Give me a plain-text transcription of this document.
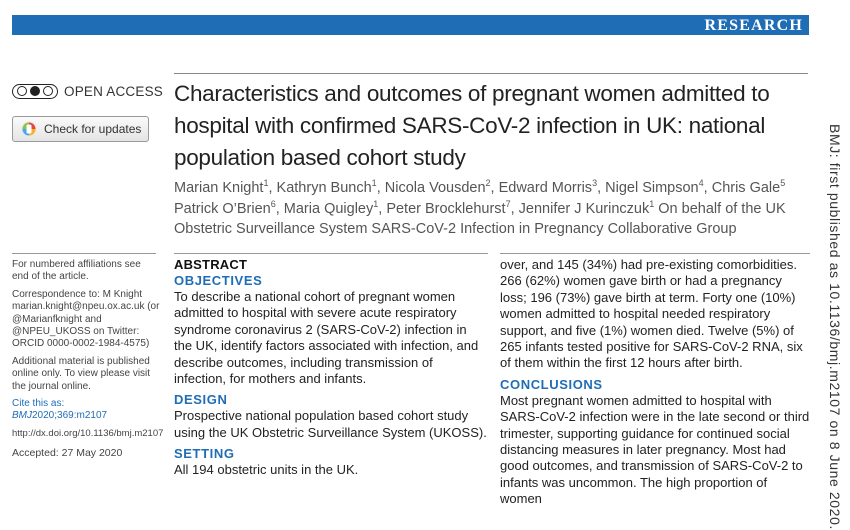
RESEARCH
OPEN ACCESS
Check for updates
Characteristics and outcomes of pregnant women admitted to hospital with confirmed SARS-CoV-2 infection in UK: national population based cohort study
Marian Knight$^1$, Kathryn Bunch$^1$, Nicola Vousden$^2$, Edward Morris$^3$, Nigel Simpson$^4$, Chris Gale$^5$ Patrick O’Brien$^6$, Maria Quigley$^1$, Peter Brocklehurst$^7$, Jennifer J Kurinczuk$^1$ On behalf of the UK Obstetric Surveillance System SARS-CoV-2 Infection in Pregnancy Collaborative Group	BMJ: first published as 10.1136/bmj.m2107 on 8 June 2020.

For numbered affiliations see end of the article.

Correspondence to: M Knight marian.knight@npeu.ox.ac.uk (or @Marianfknight and @NPEU_UKOSS on Twitter: ORCID 0000-0002-1984-4575)

Additional material is published online only. To view please visit the journal online.

Cite this as: BMJ2020;369:m2107

http://dx.doi.org/10.1136/bmj.m2107

Accepted: 27 May 2020

ABSTRACT

OBJECTIVES

To describe a national cohort of pregnant women admitted to hospital with severe acute respiratory syndrome coronavirus 2 (SARS-CoV-2) infection in the UK, identify factors associated with infection, and describe outcomes, including transmission of infection, for mothers and infants.

DESIGN

Prospective national population based cohort study using the UK Obstetric Surveillance System (UKOSS).

SETTING

All 194 obstetric units in the UK.

over, and 145 (34%) had pre-existing comorbidities. 266 (62%) women gave birth or had a pregnancy loss; 196 (73%) gave birth at term. Forty one (10%) women admitted to hospital needed respiratory support, and five (1%) women died. Twelve (5%) of 265 infants tested positive for SARS-CoV-2 RNA, six of them within the first 12 hours after birth.

CONCLUSIONS

Most pregnant women admitted to hospital with SARS-CoV-2 infection were in the late second or third trimester, supporting guidance for continued social distancing measures in later pregnancy. Most had good outcomes, and transmission of SARS-CoV-2 to infants was uncommon. The high proportion of women
